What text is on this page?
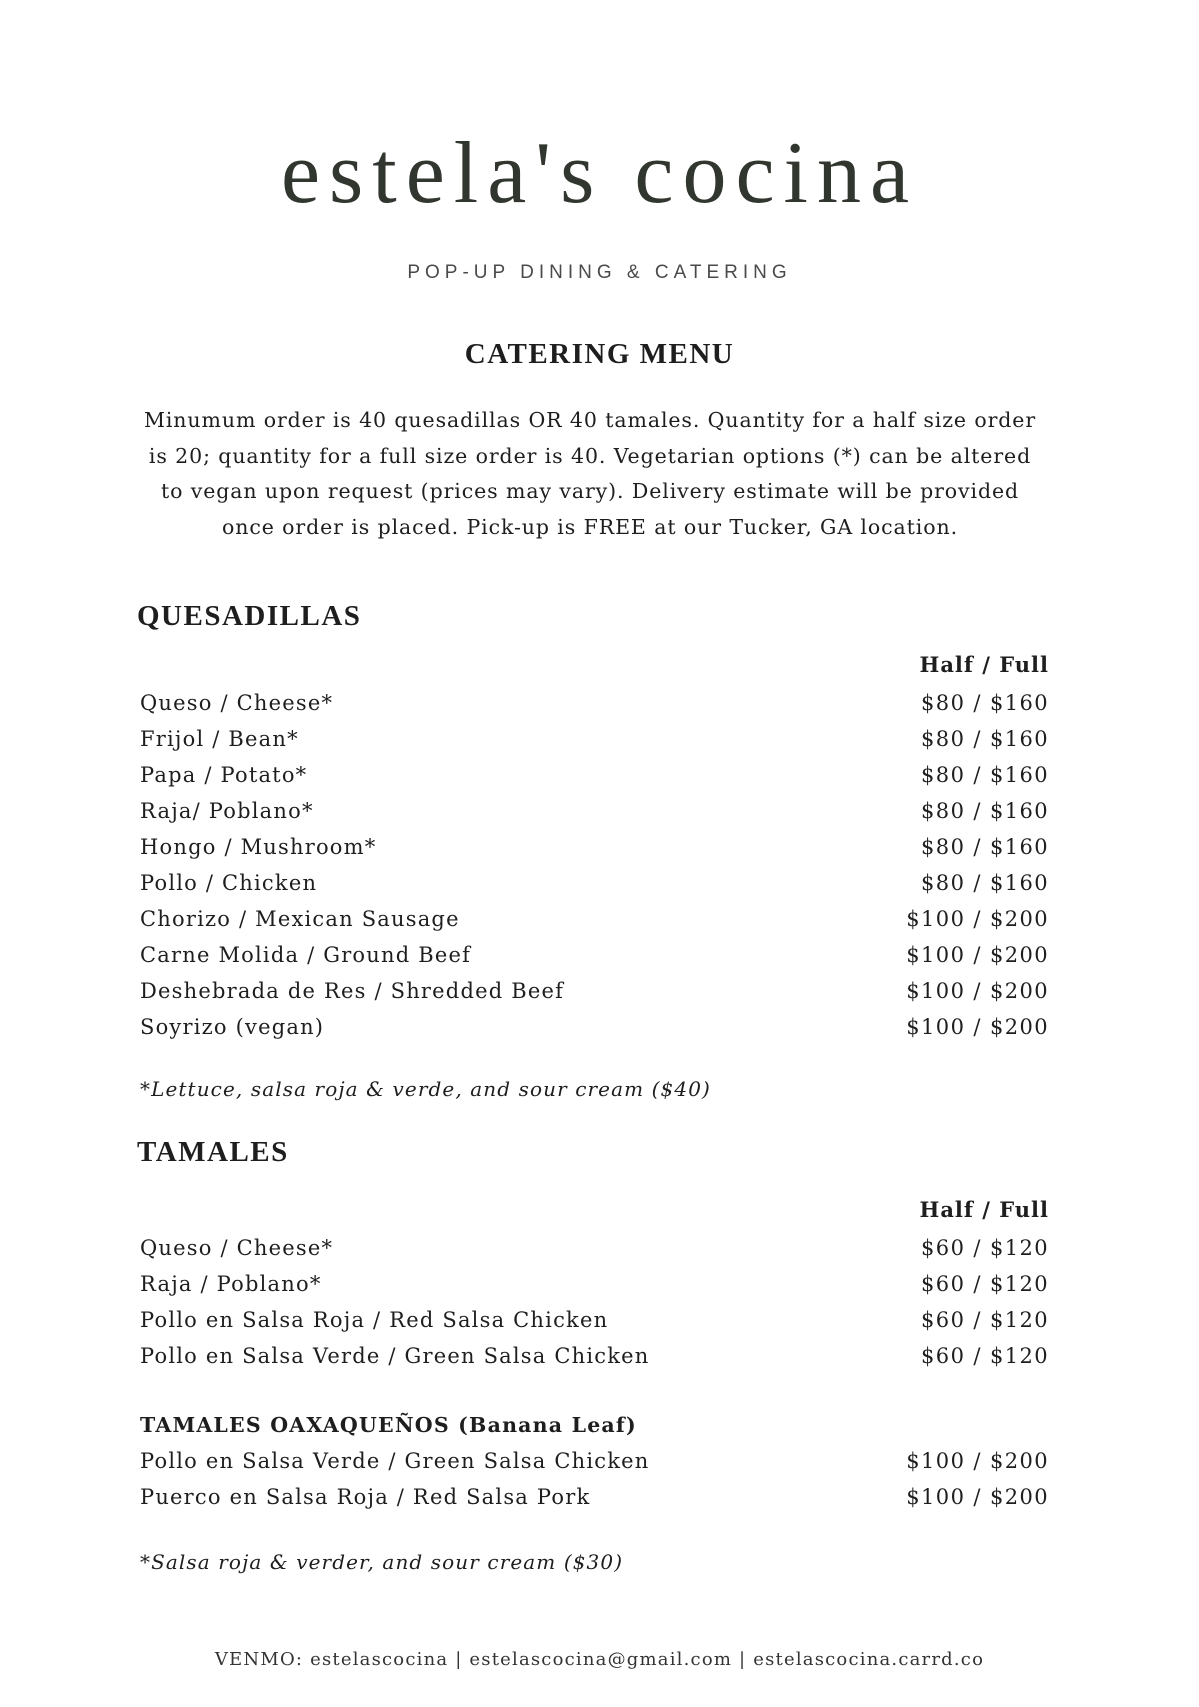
estela's cocina

POP-UP DINING & CATERING

CATERING MENU

Minumum order is 40 quesadillas OR 40 tamales. Quantity for a half size order is 20; quantity for a full size order is 40. Vegetarian options (*) can be altered to vegan upon request (prices may vary). Delivery estimate will be provided once order is placed. Pick-up is FREE at our Tucker, GA location.

QUESADILLAS

Half / Full

Queso / Cheese*	$80 / $160
Frijol / Bean*	$80 / $160
Papa / Potato*	$80 / $160
Raja/ Poblano*	$80 / $160
Hongo / Mushroom*	$80 / $160
Pollo / Chicken	$80 / $160
Chorizo / Mexican Sausage	$100 / $200
Carne Molida / Ground Beef	$100 / $200
Deshebrada de Res / Shredded Beef	$100 / $200
Soyrizo (vegan)	$100 / $200

*Lettuce, salsa roja & verde, and sour cream ($40)

TAMALES

Half / Full

Queso / Cheese*	$60 / $120
Raja / Poblano*	$60 / $120
Pollo en Salsa Roja / Red Salsa Chicken	$60 / $120
Pollo en Salsa Verde / Green Salsa Chicken	$60 / $120

TAMALES OAXAQUEÑOS (Banana Leaf)

Pollo en Salsa Verde / Green Salsa Chicken	$100 / $200
Puerco en Salsa Roja / Red Salsa Pork	$100 / $200

*Salsa roja & verder, and sour cream ($30)

VENMO: estelascocina | estelascocina@gmail.com | estelascocina.carrd.co
